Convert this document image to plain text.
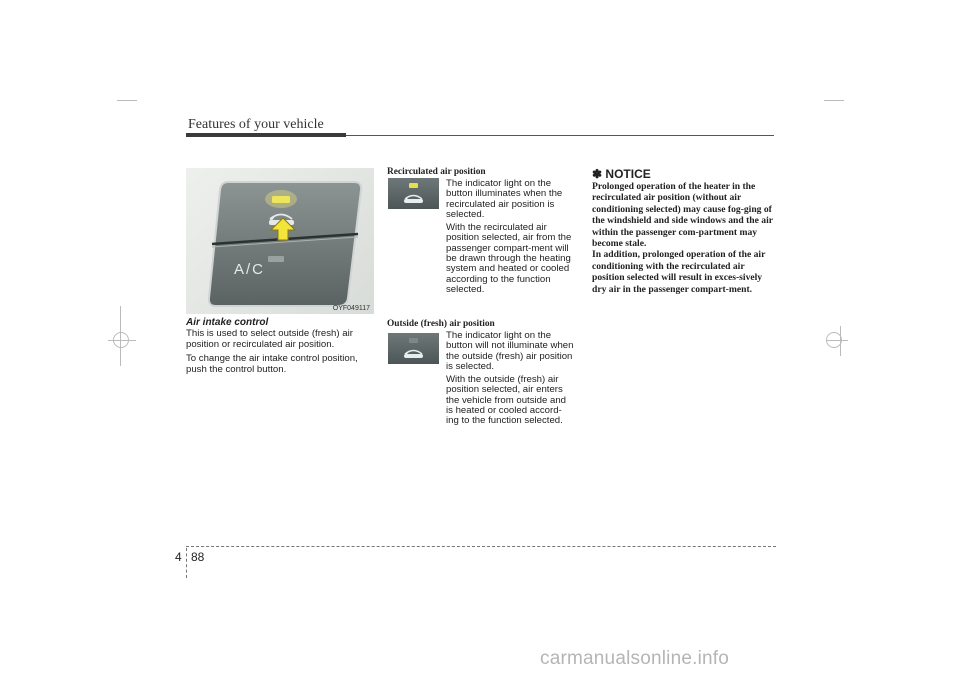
Features of your vehicle
A/C
OYF049117
Air intake control

This is used to select outside (fresh) air position or recirculated air position.

To change the air intake control position, push the control button.

Recirculated air position

The indicator light on the button illuminates when the recirculated air position is selected.

With the recirculated air position selected, air from the passenger compart-ment will be drawn through the heating system and heated or cooled according to the function selected.

Outside (fresh) air position

The indicator light on the button will not illuminate when the outside (fresh) air position is selected.

With the outside (fresh) air position selected, air enters the vehicle from outside and is heated or cooled accord-ing to the function selected.

✽ NOTICE

Prolonged operation of the heater in the recirculated air position (without air conditioning selected) may cause fog-ging of the windshield and side windows and the air within the passenger com-partment may become stale.

In addition, prolonged operation of the air conditioning with the recirculated air position selected will result in exces-sively dry air in the passenger compart-ment.

4 88
carmanualsonline.info
